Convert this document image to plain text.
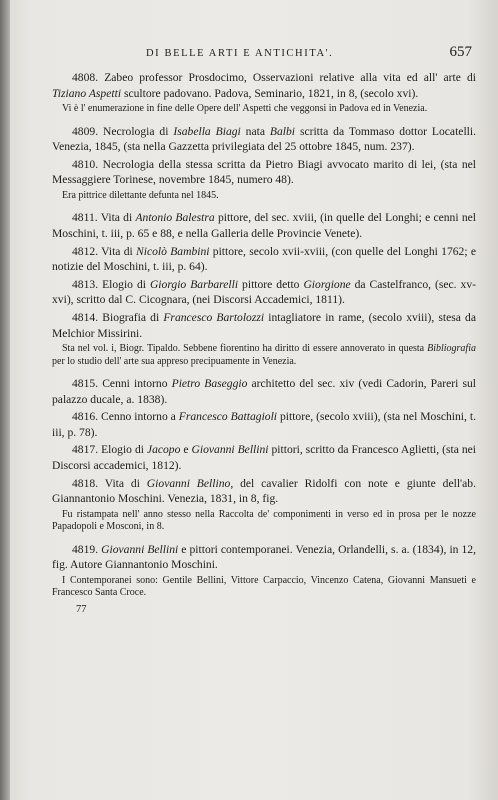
DI BELLE ARTI E ANTICHITA'.	657

4808. Zabeo professor Prosdocimo, Osservazioni relative alla vita ed all' arte di Tiziano Aspetti scultore padovano. Padova, Seminario, 1821, in 8, (secolo xvi).

Vi è l' enumerazione in fine delle Opere dell' Aspetti che veggonsi in Padova ed in Venezia.

4809. Necrologia di Isabella Biagi nata Balbi scritta da Tommaso dottor Locatelli. Venezia, 1845, (sta nella Gazzetta privilegiata del 25 ottobre 1845, num. 237).

4810. Necrologia della stessa scritta da Pietro Biagi avvocato marito di lei, (sta nel Messaggiere Torinese, novembre 1845, numero 48).

Era pittrice dilettante defunta nel 1845.

4811. Vita di Antonio Balestra pittore, del sec. xviii, (in quelle del Longhi; e cenni nel Moschini, t. iii, p. 65 e 88, e nella Galleria delle Provincie Venete).

4812. Vita di Nicolò Bambini pittore, secolo xvii-xviii, (con quelle del Longhi 1762; e notizie del Moschini, t. iii, p. 64).

4813. Elogio di Giorgio Barbarelli pittore detto Giorgione da Castelfranco, (sec. xv-xvi), scritto dal C. Cicognara, (nei Discorsi Accademici, 1811).

4814. Biografia di Francesco Bartolozzi intagliatore in rame, (secolo xviii), stesa da Melchior Missirini.

Sta nel vol. i, Biogr. Tipaldo. Sebbene fiorentino ha diritto di essere annoverato in questa Bibliografia per lo studio dell' arte sua appreso precipuamente in Venezia.

4815. Cenni intorno Pietro Baseggio architetto del sec. xiv (vedi Cadorin, Pareri sul palazzo ducale, a. 1838).

4816. Cenno intorno a Francesco Battagioli pittore, (secolo xviii), (sta nel Moschini, t. iii, p. 78).

4817. Elogio di Jacopo e Giovanni Bellini pittori, scritto da Francesco Aglietti, (sta nei Discorsi accademici, 1812).

4818. Vita di Giovanni Bellino, del cavalier Ridolfi con note e giunte dell'ab. Giannantonio Moschini. Venezia, 1831, in 8, fig.

Fu ristampata nell' anno stesso nella Raccolta de' componimenti in verso ed in prosa per le nozze Papadopoli e Mosconi, in 8.

4819. Giovanni Bellini e pittori contemporanei. Venezia, Orlandelli, s. a. (1834), in 12, fig. Autore Giannantonio Moschini.

I Contemporanei sono: Gentile Bellini, Vittore Carpaccio, Vincenzo Catena, Giovanni Mansueti e Francesco Santa Croce.

77
